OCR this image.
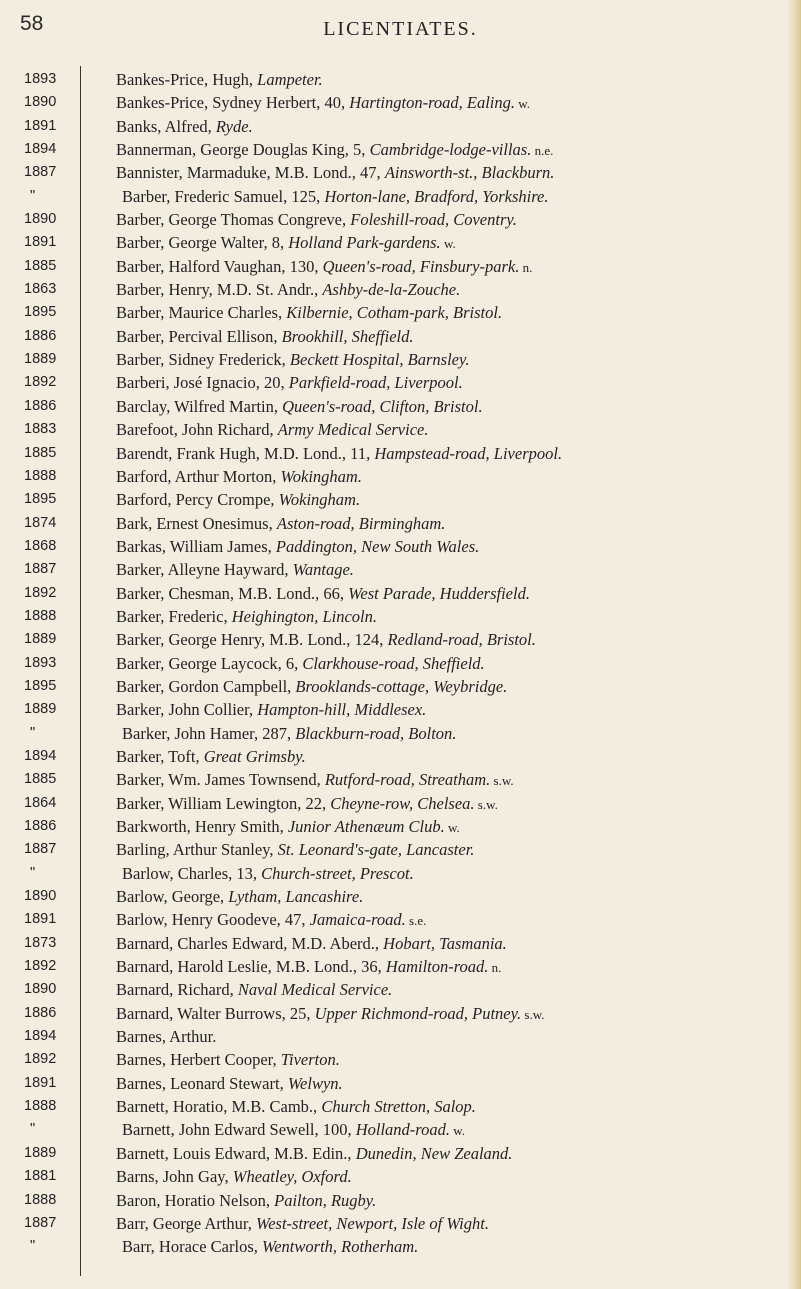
58	LICENTIATES.
1893	Bankes-Price, Hugh, Lampeter.
1890	Bankes-Price, Sydney Herbert, 40, Hartington-road, Ealing. w.
1891	Banks, Alfred, Ryde.
1894	Bannerman, George Douglas King, 5, Cambridge-lodge-villas. n.e.
1887	Bannister, Marmaduke, M.B. Lond., 47, Ainsworth-st., Blackburn.
"	Barber, Frederic Samuel, 125, Horton-lane, Bradford, Yorkshire.
1890	Barber, George Thomas Congreve, Foleshill-road, Coventry.
1891	Barber, George Walter, 8, Holland Park-gardens. w.
1885	Barber, Halford Vaughan, 130, Queen's-road, Finsbury-park. n.
1863	Barber, Henry, M.D. St. Andr., Ashby-de-la-Zouche.
1895	Barber, Maurice Charles, Kilbernie, Cotham-park, Bristol.
1886	Barber, Percival Ellison, Brookhill, Sheffield.
1889	Barber, Sidney Frederick, Beckett Hospital, Barnsley.
1892	Barberi, José Ignacio, 20, Parkfield-road, Liverpool.
1886	Barclay, Wilfred Martin, Queen's-road, Clifton, Bristol.
1883	Barefoot, John Richard, Army Medical Service.
1885	Barendt, Frank Hugh, M.D. Lond., 11, Hampstead-road, Liverpool.
1888	Barford, Arthur Morton, Wokingham.
1895	Barford, Percy Crompe, Wokingham.
1874	Bark, Ernest Onesimus, Aston-road, Birmingham.
1868	Barkas, William James, Paddington, New South Wales.
1887	Barker, Alleyne Hayward, Wantage.
1892	Barker, Chesman, M.B. Lond., 66, West Parade, Huddersfield.
1888	Barker, Frederic, Heighington, Lincoln.
1889	Barker, George Henry, M.B. Lond., 124, Redland-road, Bristol.
1893	Barker, George Laycock, 6, Clarkhouse-road, Sheffield.
1895	Barker, Gordon Campbell, Brooklands-cottage, Weybridge.
1889	Barker, John Collier, Hampton-hill, Middlesex.
"	Barker, John Hamer, 287, Blackburn-road, Bolton.
1894	Barker, Toft, Great Grimsby.
1885	Barker, Wm. James Townsend, Rutford-road, Streatham. s.w.
1864	Barker, William Lewington, 22, Cheyne-row, Chelsea. s.w.
1886	Barkworth, Henry Smith, Junior Athenæum Club. w.
1887	Barling, Arthur Stanley, St. Leonard's-gate, Lancaster.
"	Barlow, Charles, 13, Church-street, Prescot.
1890	Barlow, George, Lytham, Lancashire.
1891	Barlow, Henry Goodeve, 47, Jamaica-road. s.e.
1873	Barnard, Charles Edward, M.D. Aberd., Hobart, Tasmania.
1892	Barnard, Harold Leslie, M.B. Lond., 36, Hamilton-road. n.
1890	Barnard, Richard, Naval Medical Service.
1886	Barnard, Walter Burrows, 25, Upper Richmond-road, Putney. s.w.
1894	Barnes, Arthur.
1892	Barnes, Herbert Cooper, Tiverton.
1891	Barnes, Leonard Stewart, Welwyn.
1888	Barnett, Horatio, M.B. Camb., Church Stretton, Salop.
"	Barnett, John Edward Sewell, 100, Holland-road. w.
1889	Barnett, Louis Edward, M.B. Edin., Dunedin, New Zealand.
1881	Barns, John Gay, Wheatley, Oxford.
1888	Baron, Horatio Nelson, Pailton, Rugby.
1887	Barr, George Arthur, West-street, Newport, Isle of Wight.
"	Barr, Horace Carlos, Wentworth, Rotherham.
